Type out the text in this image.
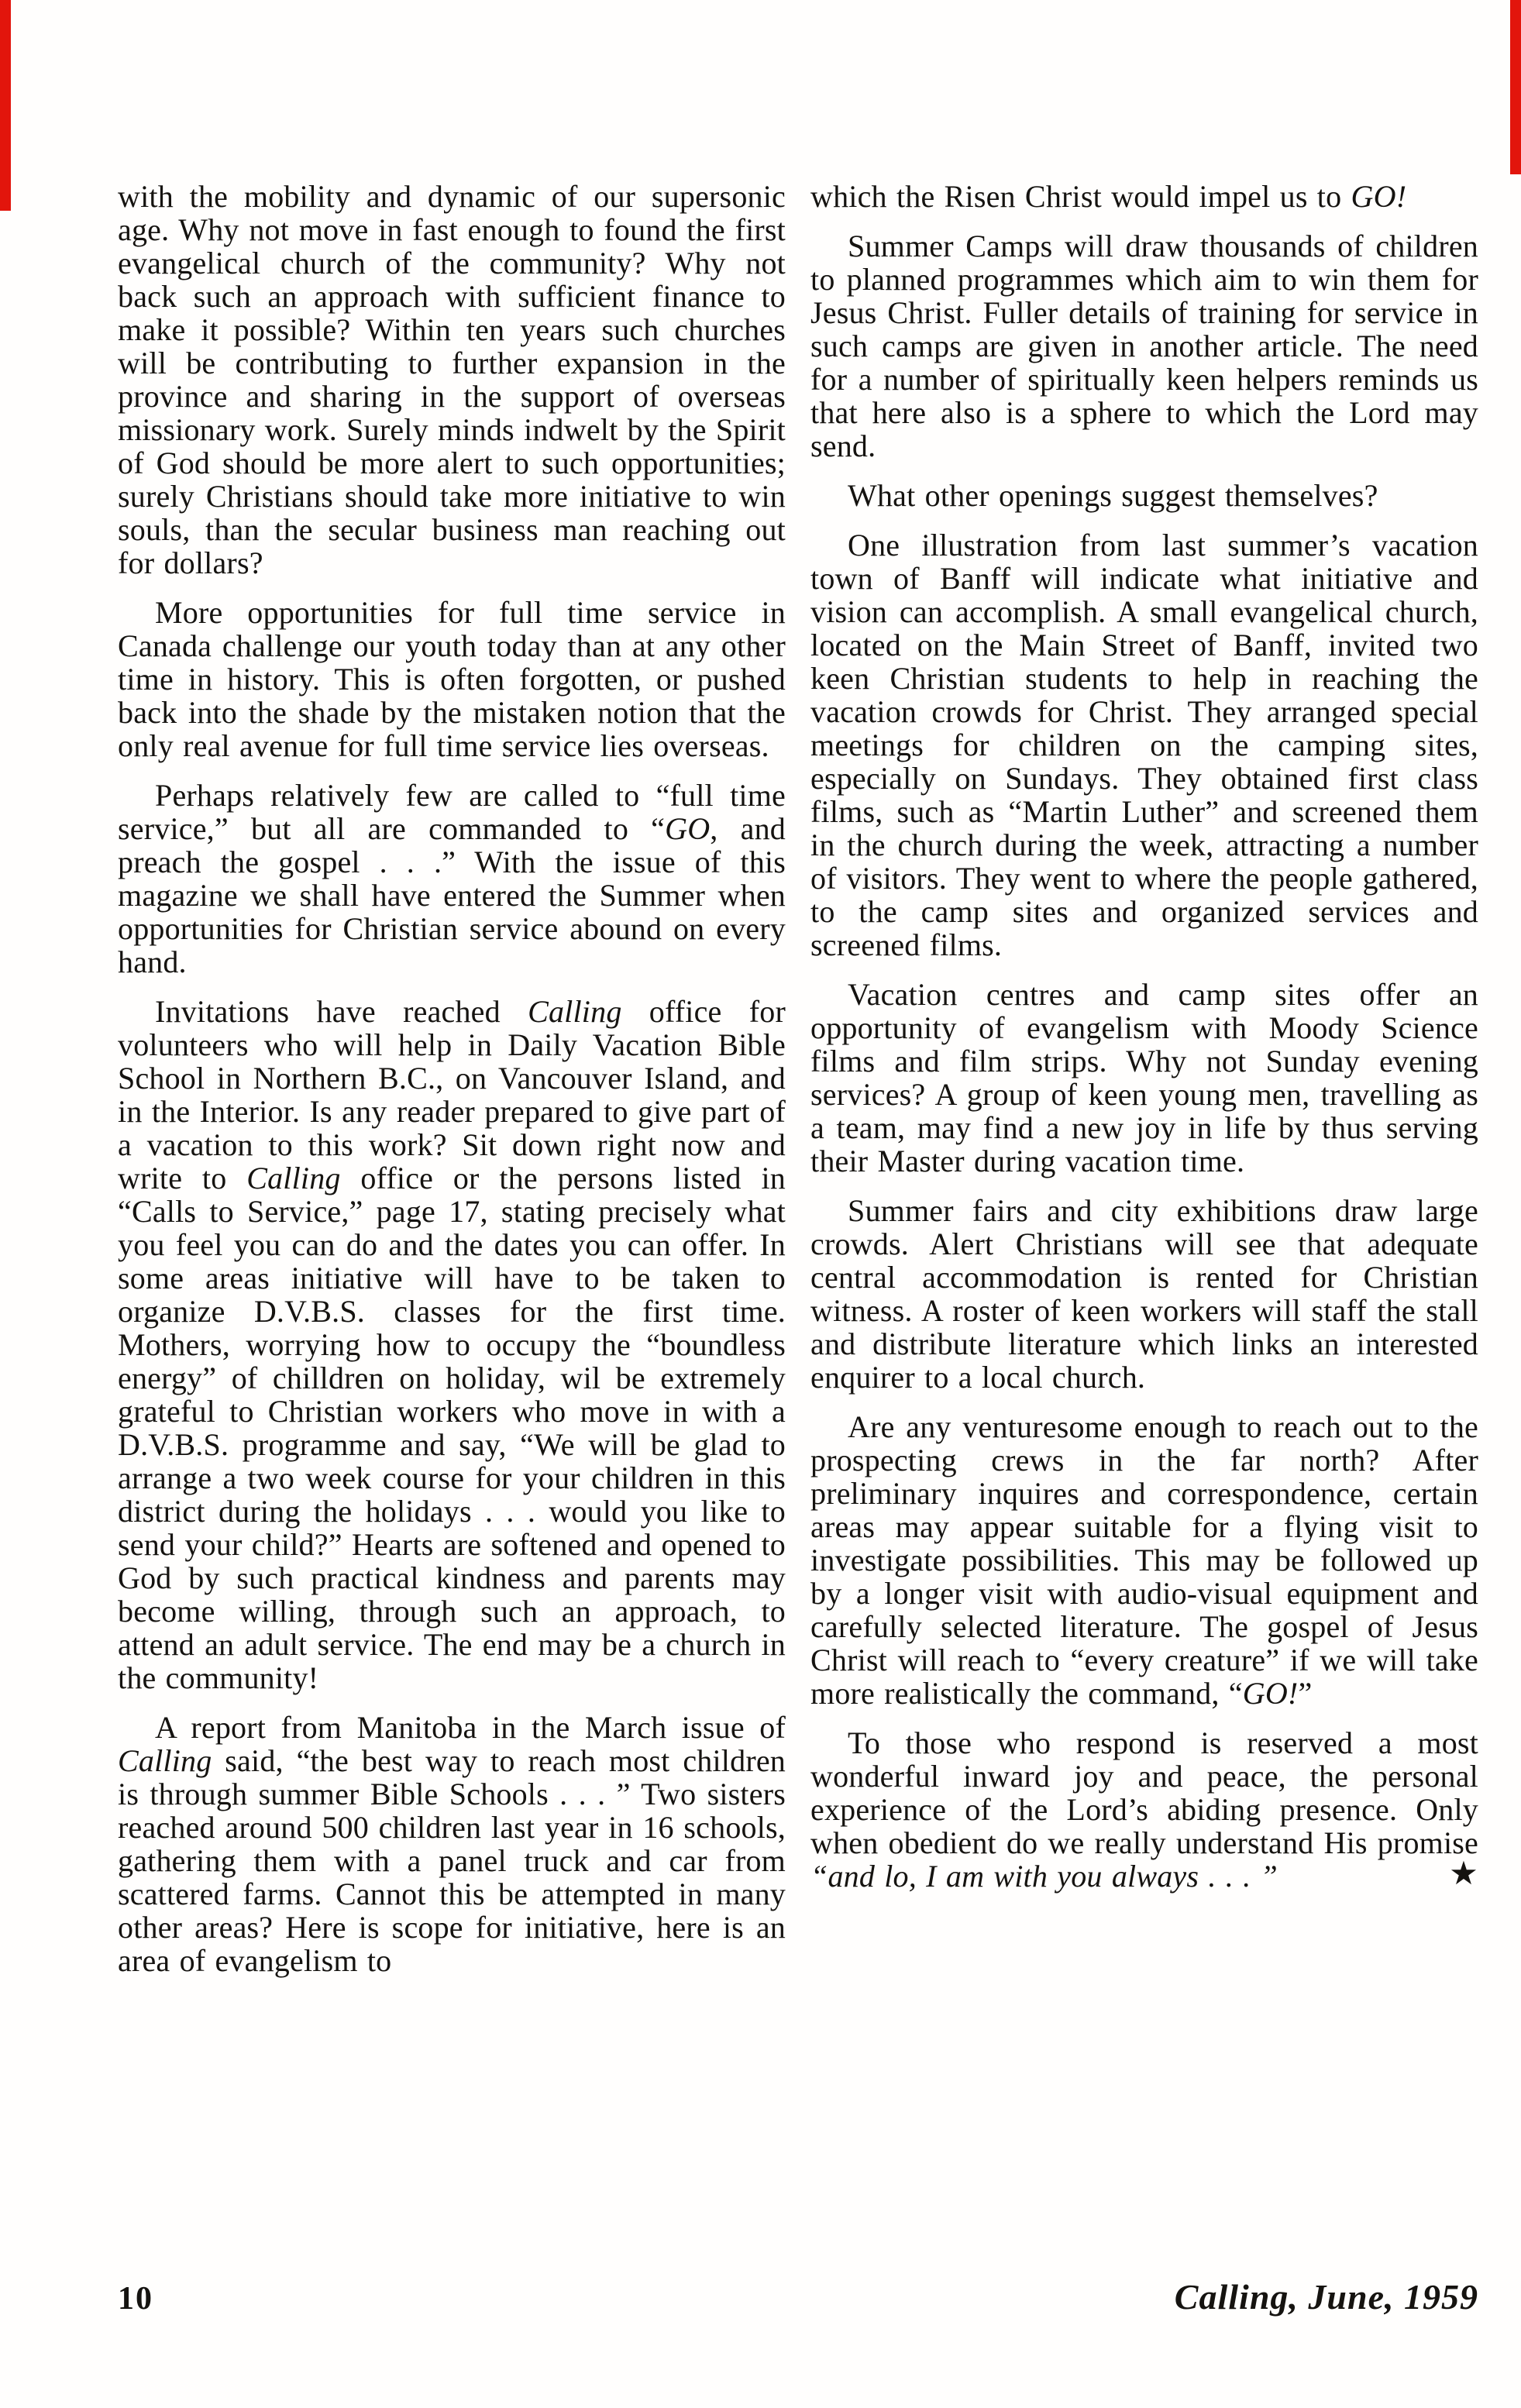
with the mobility and dynamic of our supersonic age. Why not move in fast enough to found the first evangelical church of the community? Why not back such an approach with sufficient finance to make it possible? Within ten years such churches will be contributing to further expansion in the province and sharing in the support of overseas missionary work. Surely minds indwelt by the Spirit of God should be more alert to such opportunities; surely Christians should take more initiative to win souls, than the secular business man reaching out for dollars?

More opportunities for full time service in Canada challenge our youth today than at any other time in history. This is often forgotten, or pushed back into the shade by the mistaken notion that the only real avenue for full time service lies overseas.

Perhaps relatively few are called to “full time service,” but all are commanded to “GO, and preach the gospel . . .” With the issue of this magazine we shall have entered the Summer when opportunities for Christian service abound on every hand.

Invitations have reached Calling office for volunteers who will help in Daily Vacation Bible School in Northern B.C., on Vancouver Island, and in the Interior. Is any reader prepared to give part of a vacation to this work? Sit down right now and write to Calling office or the persons listed in “Calls to Service,” page 17, stating precisely what you feel you can do and the dates you can offer. In some areas initiative will have to be taken to organize D.V.B.S. classes for the first time. Mothers, worrying how to occupy the “boundless energy” of chilldren on holiday, wil be extremely grateful to Christian workers who move in with a D.V.B.S. programme and say, “We will be glad to arrange a two week course for your children in this district during the holidays . . . would you like to send your child?” Hearts are softened and opened to God by such practical kindness and parents may become willing, through such an approach, to attend an adult service. The end may be a church in the community!

A report from Manitoba in the March issue of Calling said, “the best way to reach most children is through summer Bible Schools . . . ” Two sisters reached around 500 children last year in 16 schools, gathering them with a panel truck and car from scattered farms. Cannot this be attempted in many other areas? Here is scope for initiative, here is an area of evangelism to

which the Risen Christ would impel us to GO!

Summer Camps will draw thousands of children to planned programmes which aim to win them for Jesus Christ. Fuller details of training for service in such camps are given in another article. The need for a number of spiritually keen helpers reminds us that here also is a sphere to which the Lord may send.

What other openings suggest themselves?

One illustration from last summer’s vacation town of Banff will indicate what initiative and vision can accomplish. A small evangelical church, located on the Main Street of Banff, invited two keen Christian students to help in reaching the vacation crowds for Christ. They arranged special meetings for children on the camping sites, especially on Sundays. They obtained first class films, such as “Martin Luther” and screened them in the church during the week, attracting a number of visitors. They went to where the people gathered, to the camp sites and organized services and screened films.

Vacation centres and camp sites offer an opportunity of evangelism with Moody Science films and film strips. Why not Sunday evening services? A group of keen young men, travelling as a team, may find a new joy in life by thus serving their Master during vacation time.

Summer fairs and city exhibitions draw large crowds. Alert Christians will see that adequate central accommodation is rented for Christian witness. A roster of keen workers will staff the stall and distribute literature which links an interested enquirer to a local church.

Are any venturesome enough to reach out to the prospecting crews in the far north? After preliminary inquires and correspondence, certain areas may appear suitable for a flying visit to investigate possibilities. This may be followed up by a longer visit with audio-visual equipment and carefully selected literature. The gospel of Jesus Christ will reach to “every creature” if we will take more realistically the command, “GO!”

To those who respond is reserved a most wonderful inward joy and peace, the personal experience of the Lord’s abiding presence. Only when obedient do we really understand His promise “and lo, I am with you always . . . ”	★

10	Calling, June, 1959
